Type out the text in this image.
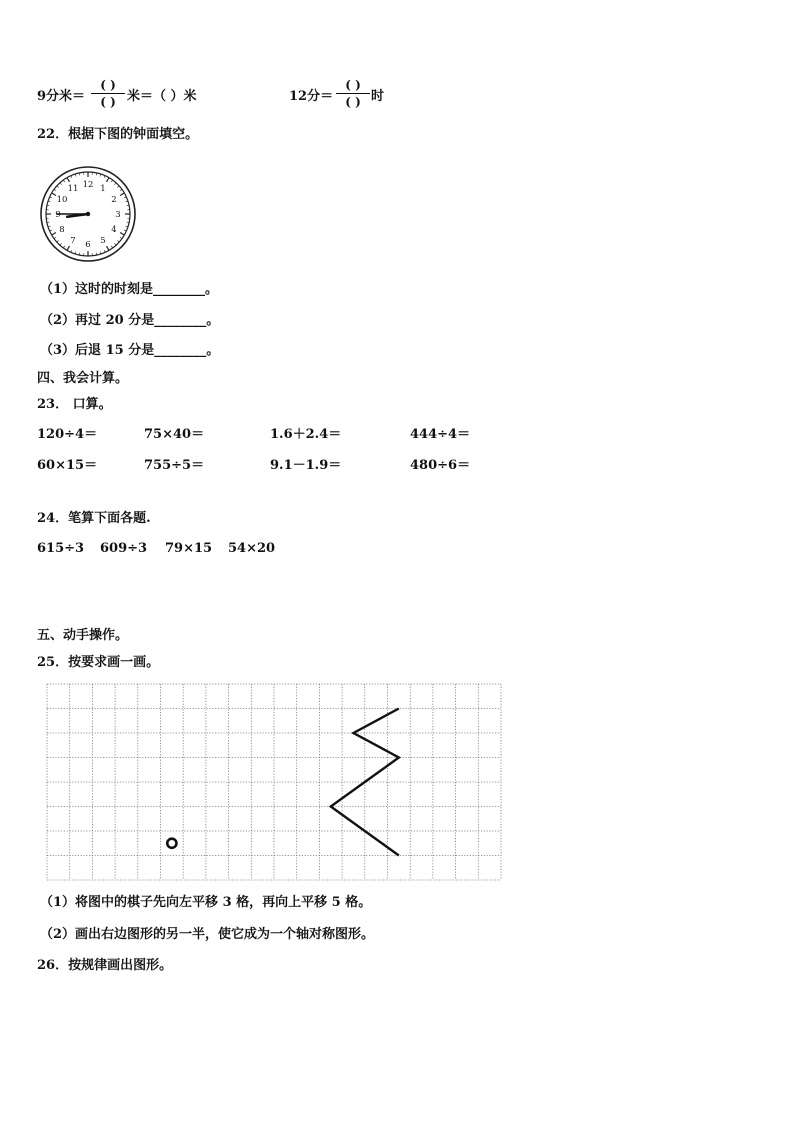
9分米＝
( )
( ) 米＝（ ）米	12分＝
( )
( ) 时
22．根据下图的钟面填空。
12 1
2
3
4
5
6
7
8
9
10
11
（1）这时的时刻是________。
（2）再过 20 分是________。
（3）后退 15 分是________。
四、我会计算。
23． 口算。
120÷4＝	75×40＝	1.6＋2.4＝	444÷4＝
60×15＝	755÷5＝	9.1－1.9＝	480÷6＝
24．笔算下面各题.
615÷3 609÷3 79×15 54×20
五、动手操作。
25．按要求画一画。
（1）将图中的棋子先向左平移 3 格，再向上平移 5 格。
（2）画出右边图形的另一半，使它成为一个轴对称图形。
26．按规律画出图形。
